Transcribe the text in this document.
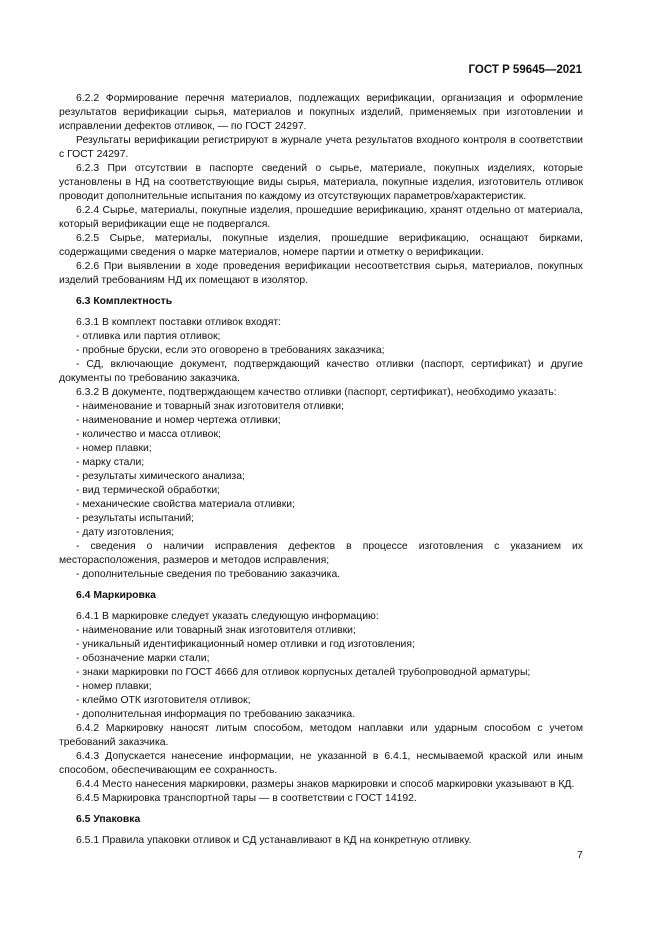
ГОСТ Р 59645—2021

6.2.2 Формирование перечня материалов, подлежащих верификации, организация и оформление результатов верификации сырья, материалов и покупных изделий, применяемых при изготовлении и исправлении дефектов отливок, — по ГОСТ 24297.

Результаты верификации регистрируют в журнале учета результатов входного контроля в соответствии с ГОСТ 24297.

6.2.3 При отсутствии в паспорте сведений о сырье, материале, покупных изделиях, которые установлены в НД на соответствующие виды сырья, материала, покупные изделия, изготовитель отливок проводит дополнительные испытания по каждому из отсутствующих параметров/характеристик.

6.2.4 Сырье, материалы, покупные изделия, прошедшие верификацию, хранят отдельно от материала, который верификации еще не подвергался.

6.2.5 Сырье, материалы, покупные изделия, прошедшие верификацию, оснащают бирками, содержащими сведения о марке материалов, номере партии и отметку о верификации.

6.2.6 При выявлении в ходе проведения верификации несоответствия сырья, материалов, покупных изделий требованиям НД их помещают в изолятор.

6.3 Комплектность

6.3.1 В комплект поставки отливок входят:

- отливка или партия отливок;

- пробные бруски, если это оговорено в требованиях заказчика;

- СД, включающие документ, подтверждающий качество отливки (паспорт, сертификат) и другие документы по требованию заказчика.

6.3.2 В документе, подтверждающем качество отливки (паспорт, сертификат), необходимо указать:

- наименование и товарный знак изготовителя отливки;

- наименование и номер чертежа отливки;

- количество и масса отливок;

- номер плавки;

- марку стали;

- результаты химического анализа;

- вид термической обработки;

- механические свойства материала отливки;

- результаты испытаний;

- дату изготовления;

- сведения о наличии исправления дефектов в процессе изготовления с указанием их месторасположения, размеров и методов исправления;

- дополнительные сведения по требованию заказчика.

6.4 Маркировка

6.4.1 В маркировке следует указать следующую информацию:

- наименование или товарный знак изготовителя отливки;

- уникальный идентификационный номер отливки и год изготовления;

- обозначение марки стали;

- знаки маркировки по ГОСТ 4666 для отливок корпусных деталей трубопроводной арматуры;

- номер плавки;

- клеймо ОТК изготовителя отливок;

- дополнительная информация по требованию заказчика.

6.4.2 Маркировку наносят литым способом, методом наплавки или ударным способом с учетом требований заказчика.

6.4.3 Допускается нанесение информации, не указанной в 6.4.1, несмываемой краской или иным способом, обеспечивающим ее сохранность.

6.4.4 Место нанесения маркировки, размеры знаков маркировки и способ маркировки указывают в КД.

6.4.5 Маркировка транспортной тары — в соответствии с ГОСТ 14192.

6.5 Упаковка

6.5.1 Правила упаковки отливок и СД устанавливают в КД на конкретную отливку.

7
